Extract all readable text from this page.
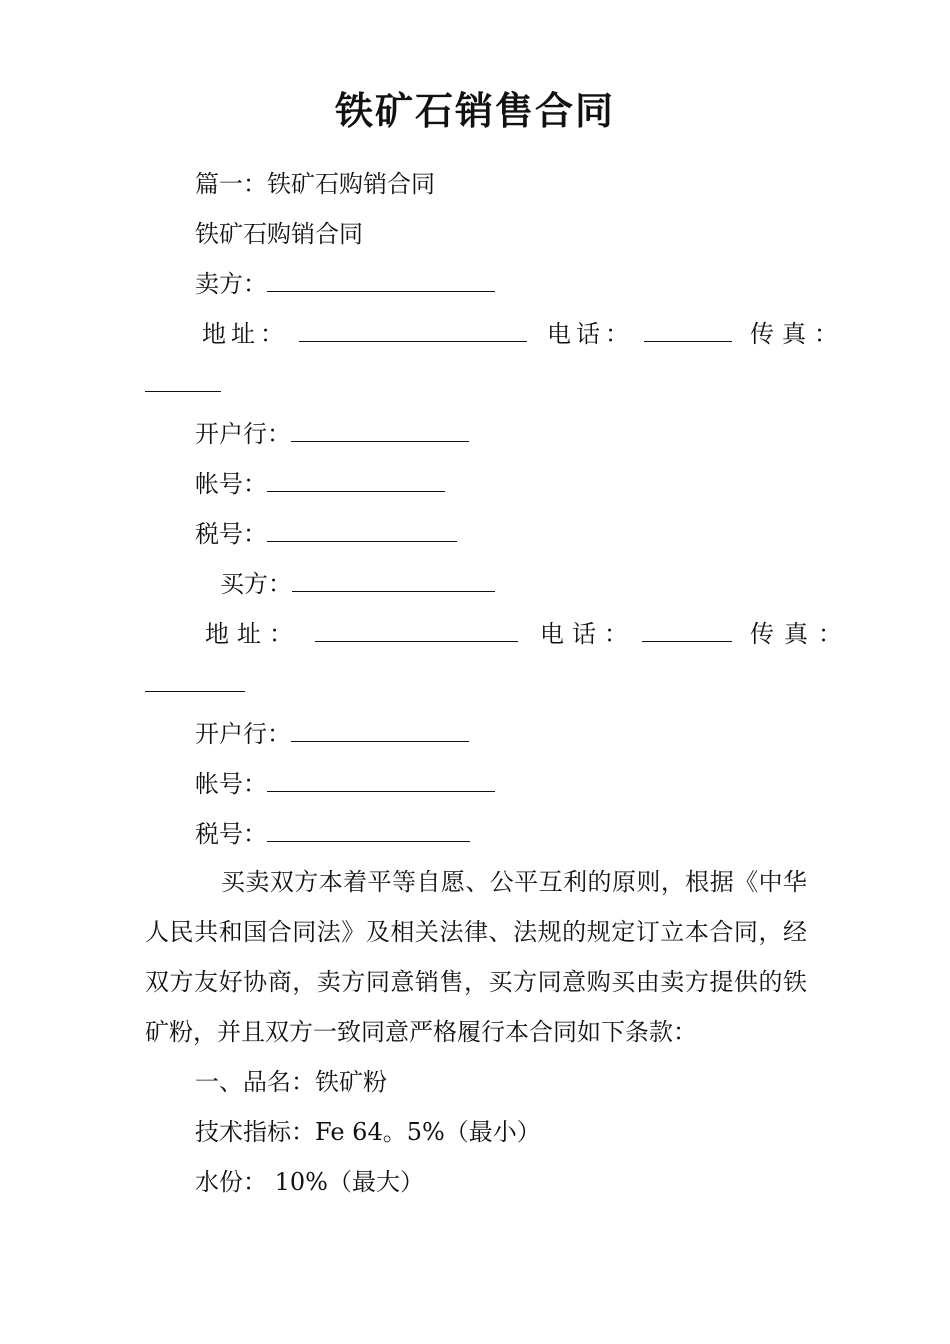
铁矿石销售合同
篇一：铁矿石购销合同
铁矿石购销合同
卖方：
地址：	电话：	传真：
开户行：
帐号：
税号：
买方：
地址：	电话：	传真：
开户行：
帐号：
税号：
买卖双方本着平等自愿、公平互利的原则，根据《中华人民共和国合同法》及相关法律、法规的规定订立本合同，经双方友好协商，卖方同意销售，买方同意购买由卖方提供的铁矿粉，并且双方一致同意严格履行本合同如下条款：
一、品名：铁矿粉
技术指标：Fe 64。5%（最小）
水份： 10%（最大）
